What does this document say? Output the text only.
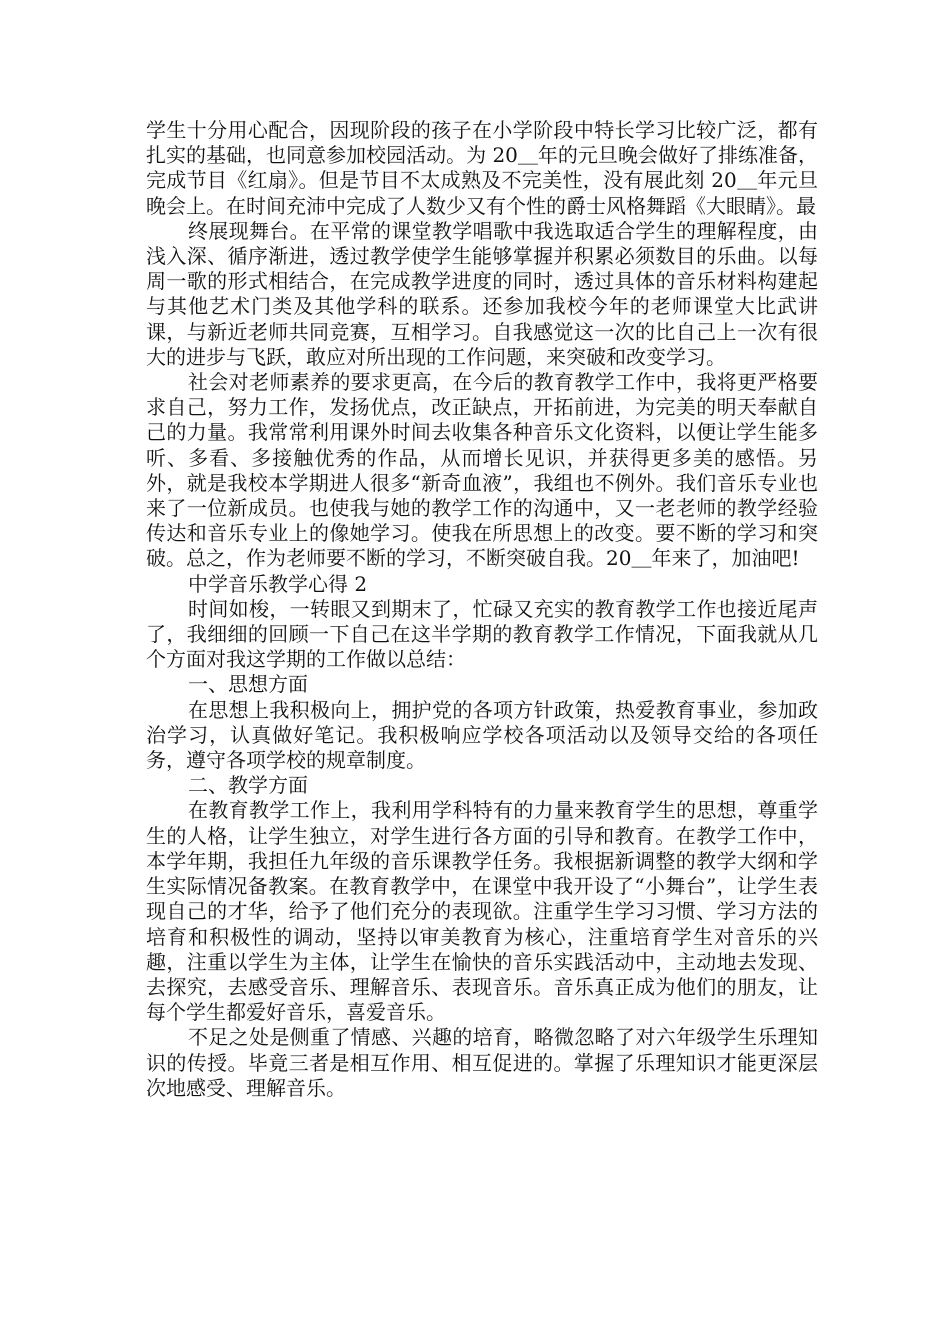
学生十分用心配合，因现阶段的孩子在小学阶段中特长学习比较广泛，都有扎实的基础，也同意参加校园活动。为 20＿年的元旦晚会做好了排练准备，完成节目《红扇》。但是节目不太成熟及不完美性，没有展此刻 20＿年元旦晚会上。在时间充沛中完成了人数少又有个性的爵士风格舞蹈《大眼睛》。最

终展现舞台。在平常的课堂教学唱歌中我选取适合学生的理解程度，由浅入深、循序渐进，透过教学使学生能够掌握并积累必须数目的乐曲。以每周一歌的形式相结合，在完成教学进度的同时，透过具体的音乐材料构建起与其他艺术门类及其他学科的联系。还参加我校今年的老师课堂大比武讲课，与新近老师共同竞赛，互相学习。自我感觉这一次的比自己上一次有很大的进步与飞跃，敢应对所出现的工作问题，来突破和改变学习。

社会对老师素养的要求更高，在今后的教育教学工作中，我将更严格要求自己，努力工作，发扬优点，改正缺点，开拓前进，为完美的明天奉献自己的力量。我常常利用课外时间去收集各种音乐文化资料，以便让学生能多听、多看、多接触优秀的作品，从而增长见识，并获得更多美的感悟。另外，就是我校本学期进人很多“新奇血液”，我组也不例外。我们音乐专业也来了一位新成员。也使我与她的教学工作的沟通中，又一老老师的教学经验传达和音乐专业上的像她学习。使我在所思想上的改变。要不断的学习和突破。总之，作为老师要不断的学习，不断突破自我。20＿年来了，加油吧!

中学音乐教学心得 2

时间如梭，一转眼又到期末了，忙碌又充实的教育教学工作也接近尾声了，我细细的回顾一下自己在这半学期的教育教学工作情况，下面我就从几个方面对我这学期的工作做以总结：

一、思想方面

在思想上我积极向上，拥护党的各项方针政策，热爱教育事业，参加政治学习，认真做好笔记。我积极响应学校各项活动以及领导交给的各项任务，遵守各项学校的规章制度。

二、教学方面

在教育教学工作上，我利用学科特有的力量来教育学生的思想，尊重学生的人格，让学生独立，对学生进行各方面的引导和教育。在教学工作中，本学年期，我担任九年级的音乐课教学任务。我根据新调整的教学大纲和学生实际情况备教案。在教育教学中，在课堂中我开设了“小舞台”，让学生表现自己的才华，给予了他们充分的表现欲。注重学生学习习惯、学习方法的培育和积极性的调动，坚持以审美教育为核心，注重培育学生对音乐的兴趣，注重以学生为主体，让学生在愉快的音乐实践活动中，主动地去发现、去探究，去感受音乐、理解音乐、表现音乐。音乐真正成为他们的朋友，让每个学生都爱好音乐，喜爱音乐。

不足之处是侧重了情感、兴趣的培育，略微忽略了对六年级学生乐理知识的传授。毕竟三者是相互作用、相互促进的。掌握了乐理知识才能更深层次地感受、理解音乐。
